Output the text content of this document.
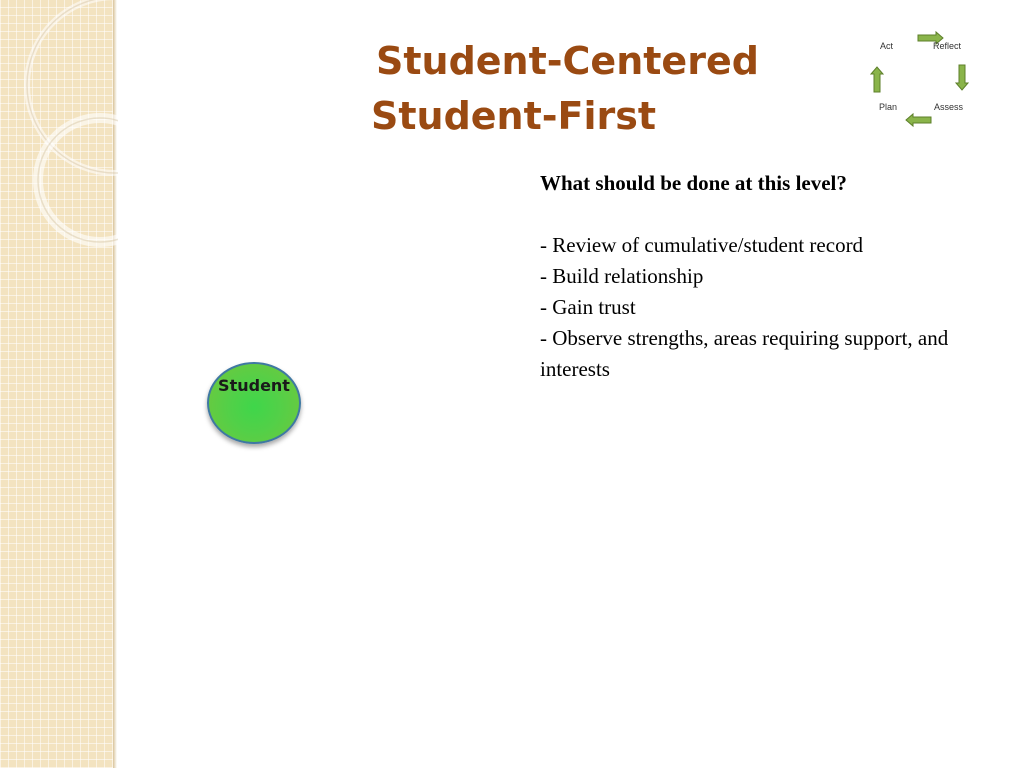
Student-Centered
Student-First
Act	Reflect
Assess
Plan

What should be done at this level?

- Review of cumulative/student record
- Build relationship
- Gain trust
- Observe strengths, areas requiring support, and interests
Student
